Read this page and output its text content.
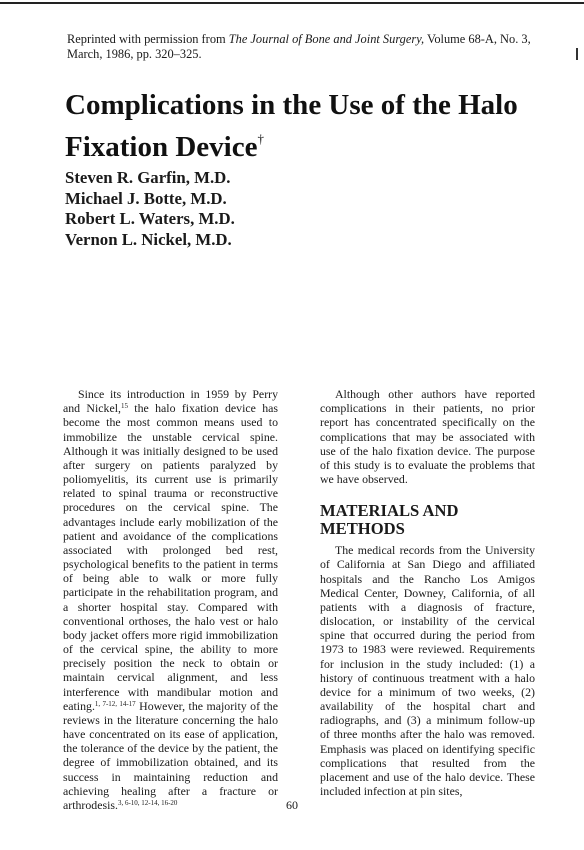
Reprinted with permission from The Journal of Bone and Joint Surgery, Volume 68-A, No. 3, March, 1986, pp. 320–325.
Complications in the Use of the Halo Fixation Device†
Steven R. Garfin, M.D.
Michael J. Botte, M.D.
Robert L. Waters, M.D.
Vernon L. Nickel, M.D.

Since its introduction in 1959 by Perry and Nickel,$^{15}$ the halo fixation device has become the most common means used to immobilize the unstable cervical spine. Although it was initially designed to be used after surgery on patients paralyzed by poliomyelitis, its current use is primarily related to spinal trauma or reconstructive procedures on the cervical spine. The advantages include early mobilization of the patient and avoidance of the complications associated with prolonged bed rest, psychological benefits to the patient in terms of being able to walk or more fully participate in the rehabilitation program, and a shorter hospital stay. Compared with conventional orthoses, the halo vest or halo body jacket offers more rigid immobilization of the cervical spine, the ability to more precisely position the neck to obtain or maintain cervical alignment, and less interference with mandibular motion and eating.$^{1, 7-12, 14-17}$ However, the majority of the reviews in the literature concerning the halo have concentrated on its ease of application, the tolerance of the device by the patient, the degree of immobilization obtained, and its success in maintaining reduction and achieving healing after a fracture or arthrodesis.$^{3, 6-10, 12-14, 16-20}$

Although other authors have reported complications in their patients, no prior report has concentrated specifically on the complications that may be associated with use of the halo fixation device. The purpose of this study is to evaluate the problems that we have observed.

MATERIALS AND METHODS

The medical records from the University of California at San Diego and affiliated hospitals and the Rancho Los Amigos Medical Center, Downey, California, of all patients with a diagnosis of fracture, dislocation, or instability of the cervical spine that occurred during the period from 1973 to 1983 were reviewed. Requirements for inclusion in the study included: (1) a history of continuous treatment with a halo device for a minimum of two weeks, (2) availability of the hospital chart and radiographs, and (3) a minimum follow-up of three months after the halo was removed. Emphasis was placed on identifying specific complications that resulted from the placement and use of the halo device. These included infection at pin sites,

60
